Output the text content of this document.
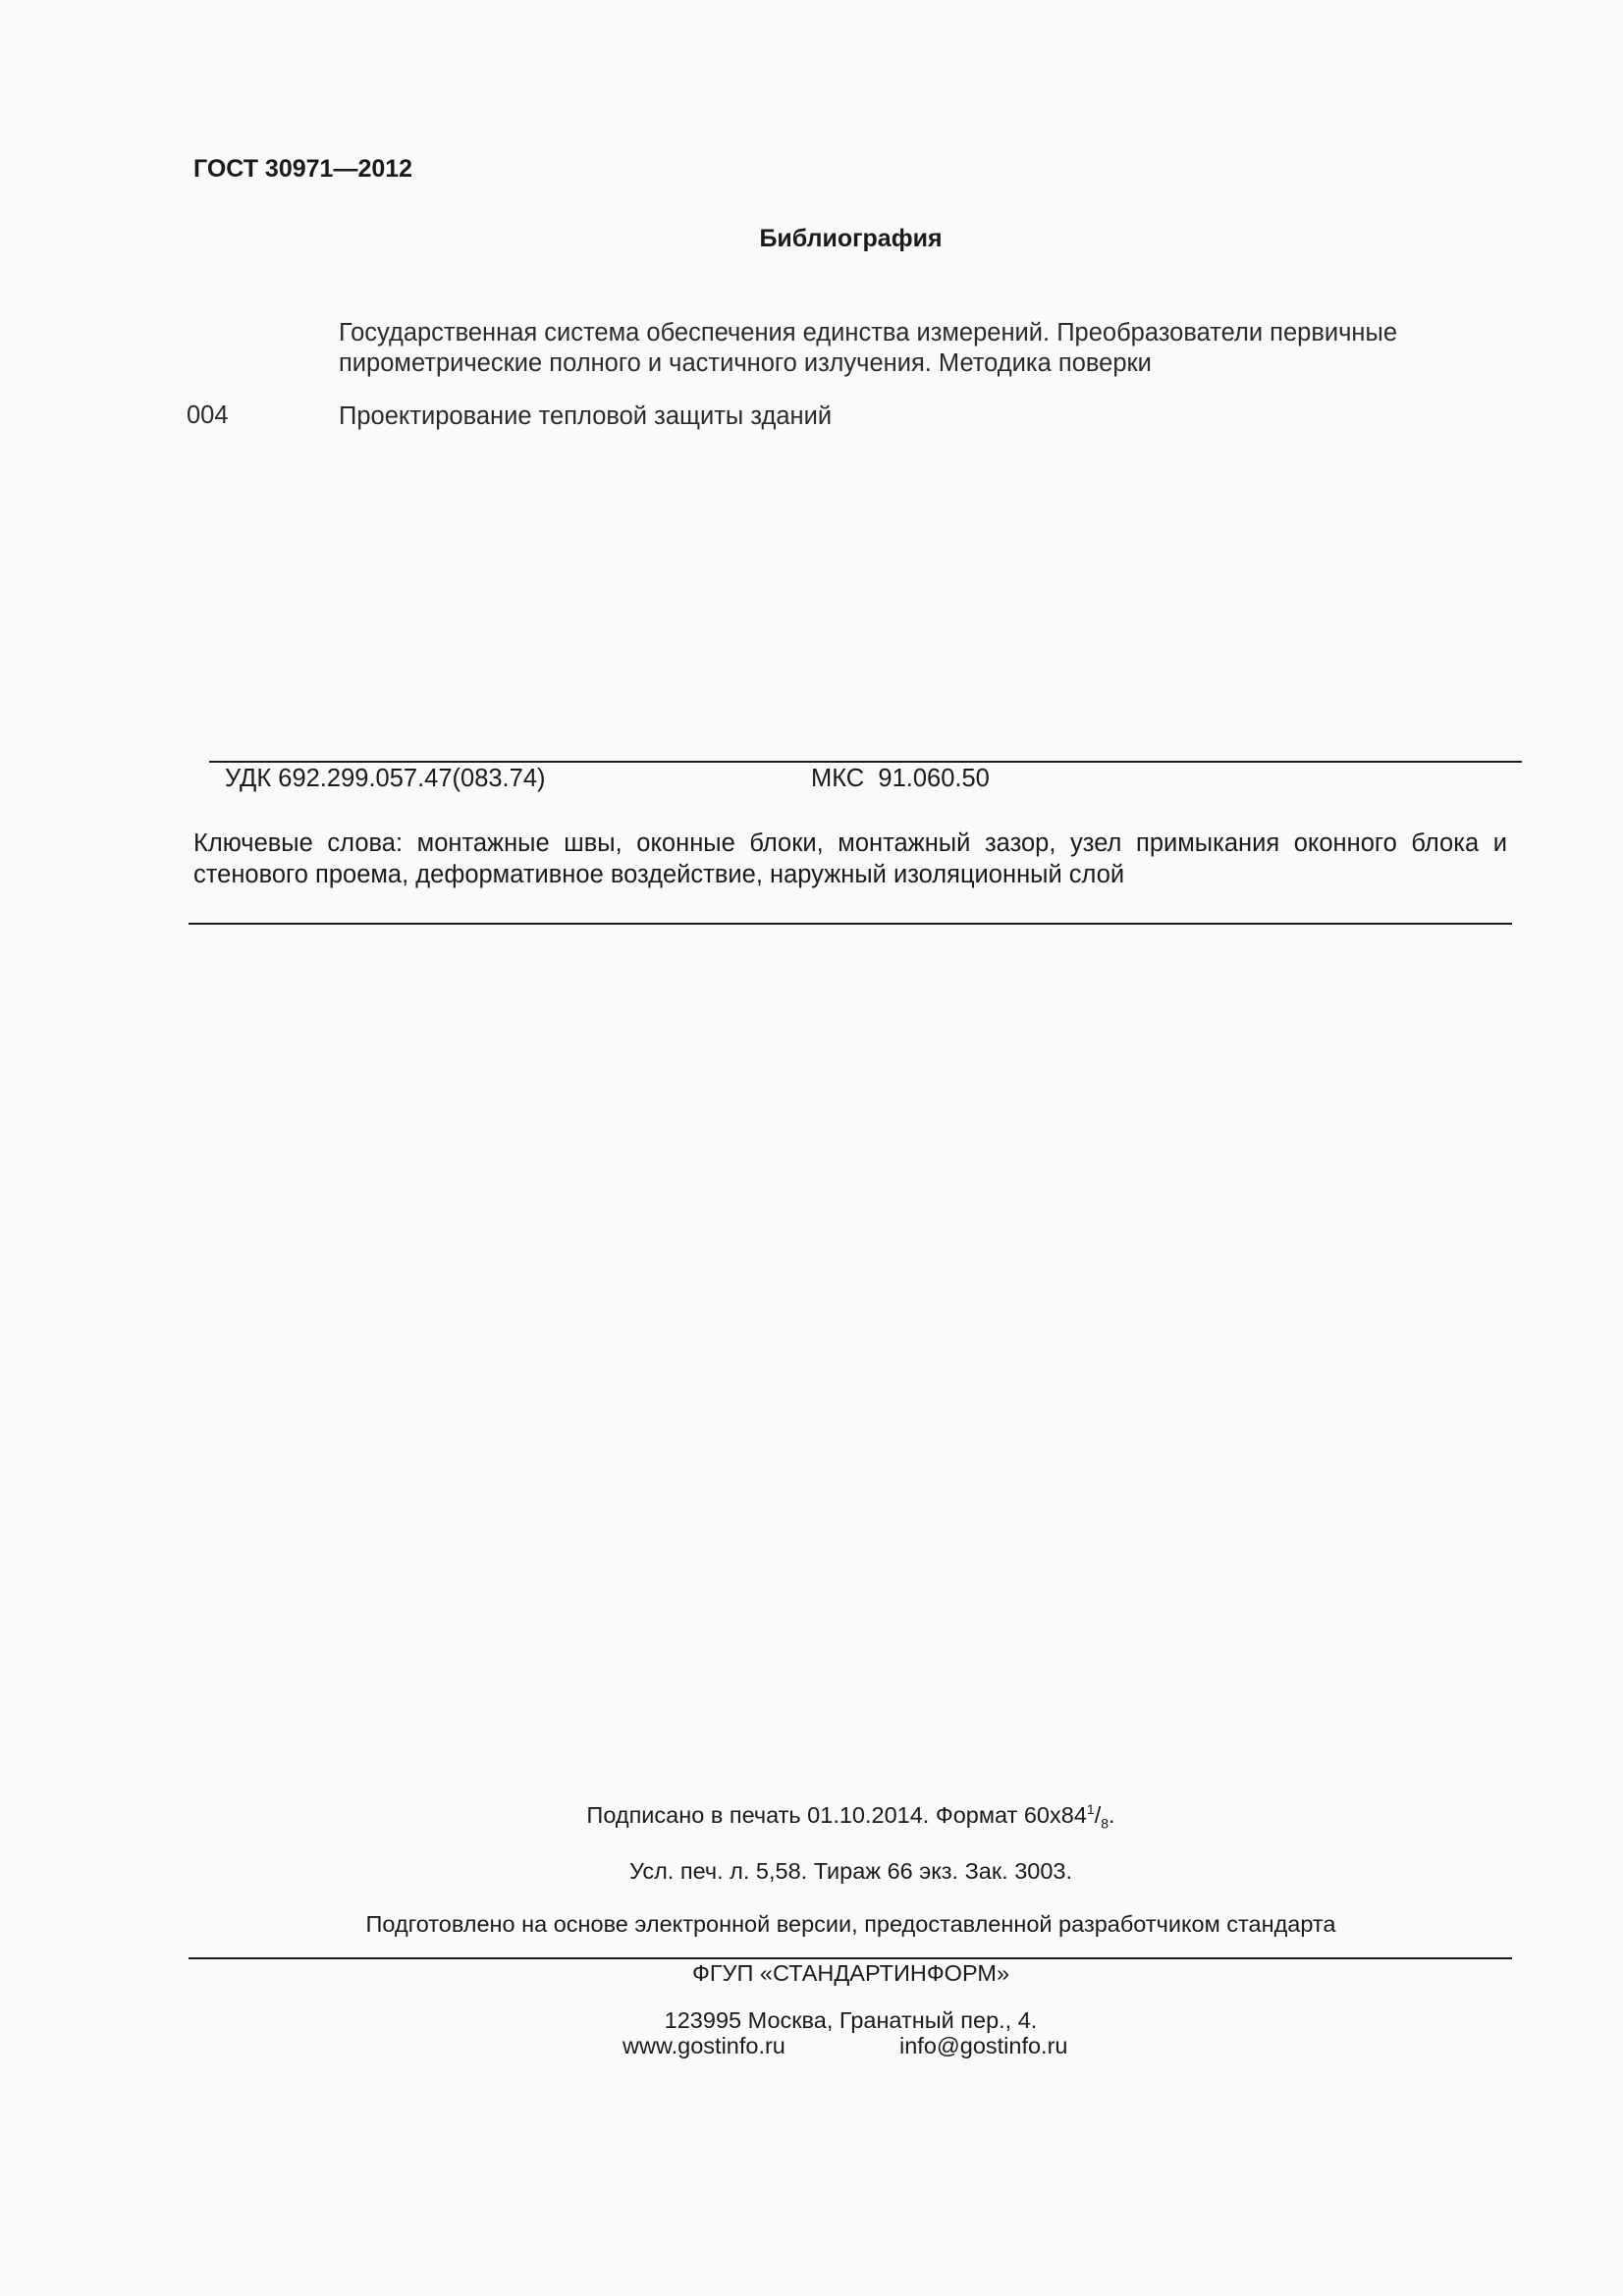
ГОСТ 30971—2012
Библиография
Государственная система обеспечения единства измерений. Преобразователи первичные пирометрические полного и частичного излучения. Методика поверки
004	Проектирование тепловой защиты зданий
УДК 692.299.057.47(083.74)	МКС  91.060.50
Ключевые слова: монтажные швы, оконные блоки, монтажный зазор, узел примыкания оконного блока и стенового проема, деформативное воздействие, наружный изоляционный слой
Подписано в печать 01.10.2014. Формат $60x84^1/_8$.
Усл. печ. л. 5,58. Тираж 66 экз. Зак. 3003.
Подготовлено на основе электронной версии, предоставленной разработчиком стандарта
ФГУП «СТАНДАРТИНФОРМ»
123995 Москва, Гранатный пер., 4.
www.gostinfo.ru	info@gostinfo.ru
